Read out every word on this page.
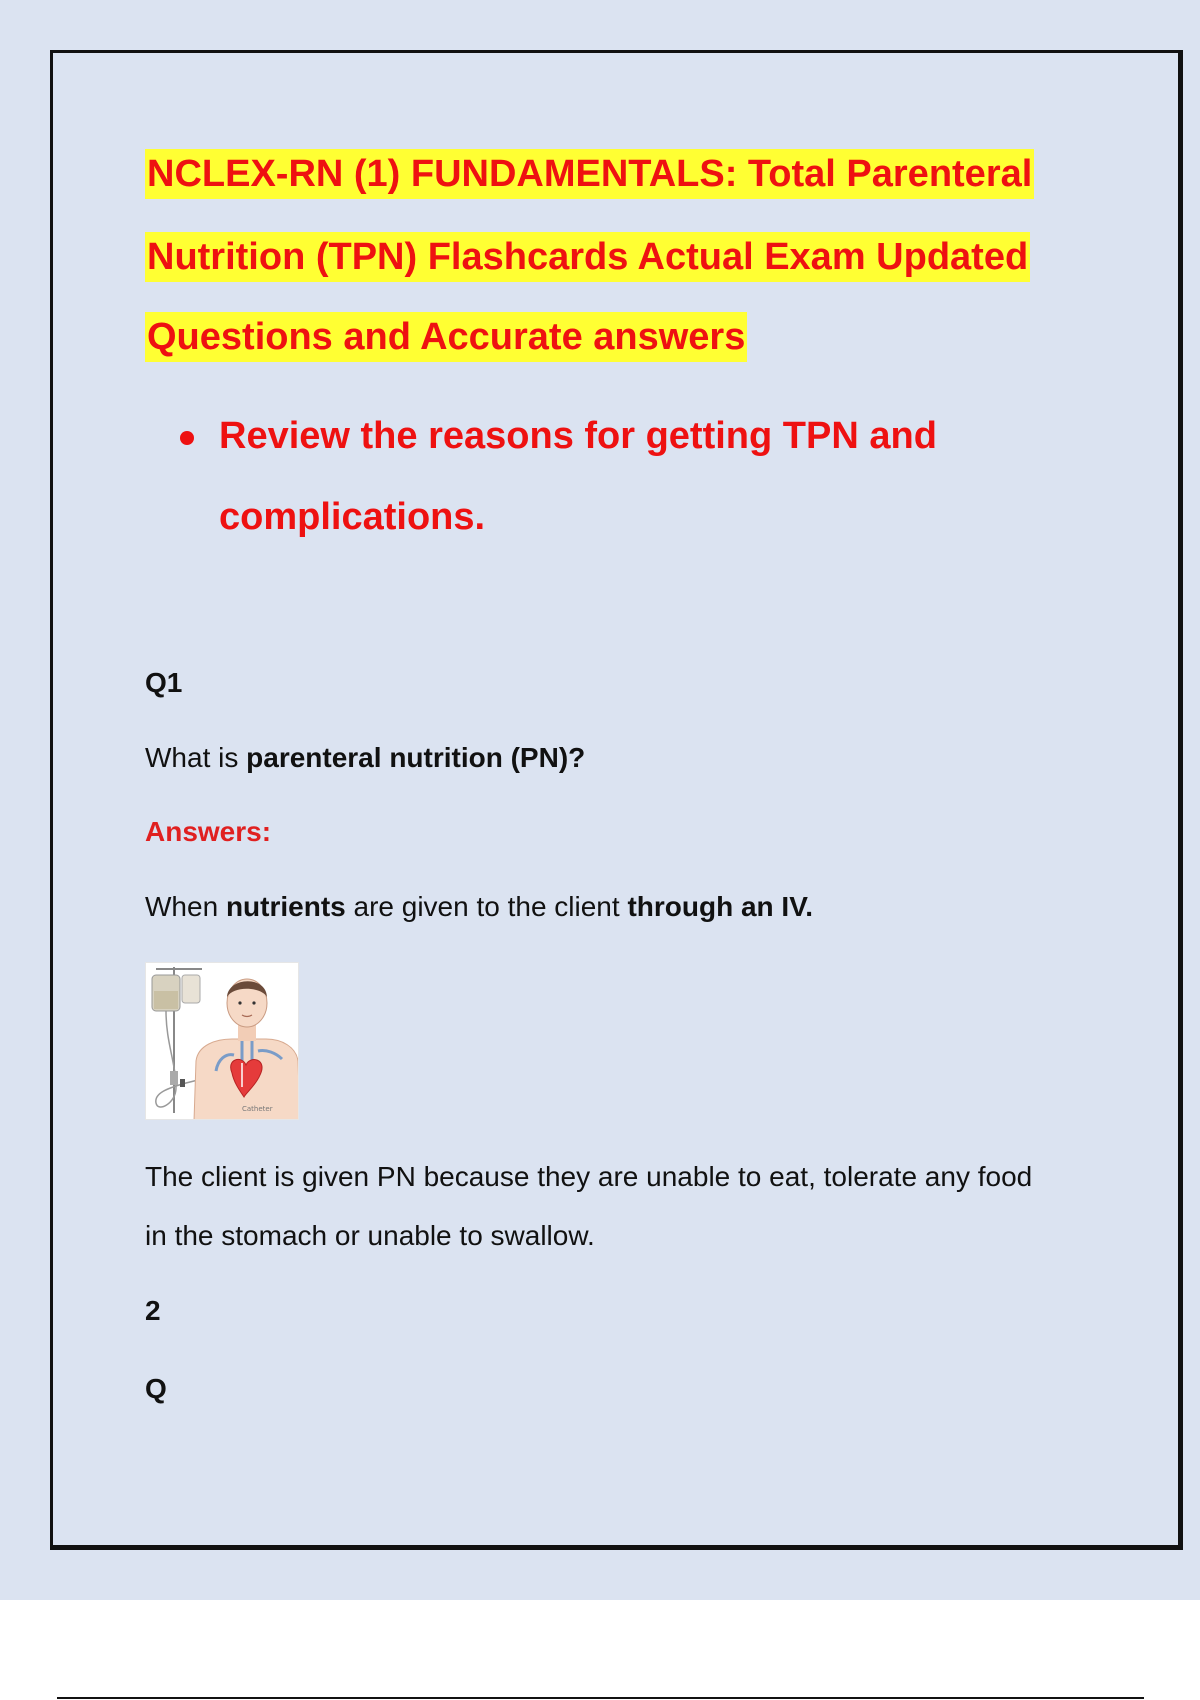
NCLEX-RN (1) FUNDAMENTALS: Total Parenteral
Nutrition (TPN) Flashcards Actual Exam Updated
Questions and Accurate answers
Review the reasons for getting TPN and
complications.
Q1
What is parenteral nutrition (PN)?
Answers:
When nutrients are given to the client through an IV.
Catheter
The client is given PN because they are unable to eat, tolerate any food
in the stomach or unable to swallow.
2
Q
